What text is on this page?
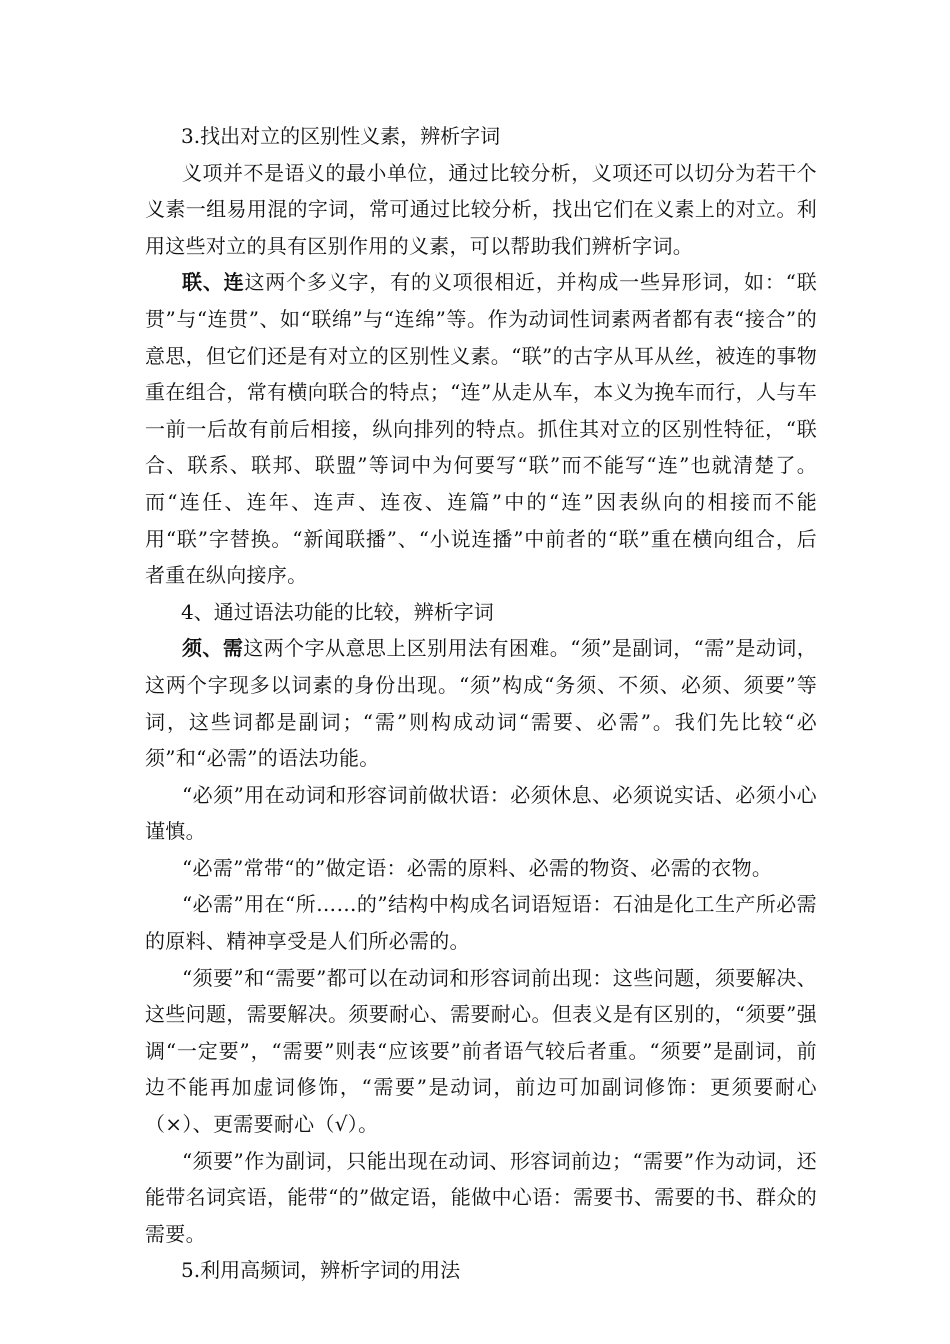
3.找出对立的区别性义素，辨析字词

义项并不是语义的最小单位，通过比较分析，义项还可以切分为若干个义素一组易用混的字词，常可通过比较分析，找出它们在义素上的对立。利用这些对立的具有区别作用的义素，可以帮助我们辨析字词。

联、连这两个多义字，有的义项很相近，并构成一些异形词，如：“联贯”与“连贯”、如“联绵”与“连绵”等。作为动词性词素两者都有表“接合”的意思，但它们还是有对立的区别性义素。“联”的古字从耳从丝，被连的事物重在组合，常有横向联合的特点；“连”从走从车，本义为挽车而行，人与车一前一后故有前后相接，纵向排列的特点。抓住其对立的区别性特征，“联合、联系、联邦、联盟”等词中为何要写“联”而不能写“连”也就清楚了。而“连任、连年、连声、连夜、连篇”中的“连”因表纵向的相接而不能用“联”字替换。“新闻联播”、“小说连播”中前者的“联”重在横向组合，后者重在纵向接序。

4、通过语法功能的比较，辨析字词

须、需这两个字从意思上区别用法有困难。“须”是副词，“需”是动词，这两个字现多以词素的身份出现。“须”构成“务须、不须、必须、须要”等词，这些词都是副词；“需”则构成动词“需要、必需”。我们先比较“必须”和“必需”的语法功能。

“必须”用在动词和形容词前做状语：必须休息、必须说实话、必须小心谨慎。

“必需”常带“的”做定语：必需的原料、必需的物资、必需的衣物。

“必需”用在“所……的”结构中构成名词语短语：石油是化工生产所必需的原料、精神享受是人们所必需的。

“须要”和“需要”都可以在动词和形容词前出现：这些问题，须要解决、这些问题，需要解决。须要耐心、需要耐心。但表义是有区别的，“须要”强调“一定要”，“需要”则表“应该要”前者语气较后者重。“须要”是副词，前边不能再加虚词修饰，“需要”是动词，前边可加副词修饰：更须要耐心（×）、更需要耐心（√）。

“须要”作为副词，只能出现在动词、形容词前边；“需要”作为动词，还能带名词宾语，能带“的”做定语，能做中心语：需要书、需要的书、群众的需要。

5.利用高频词，辨析字词的用法
